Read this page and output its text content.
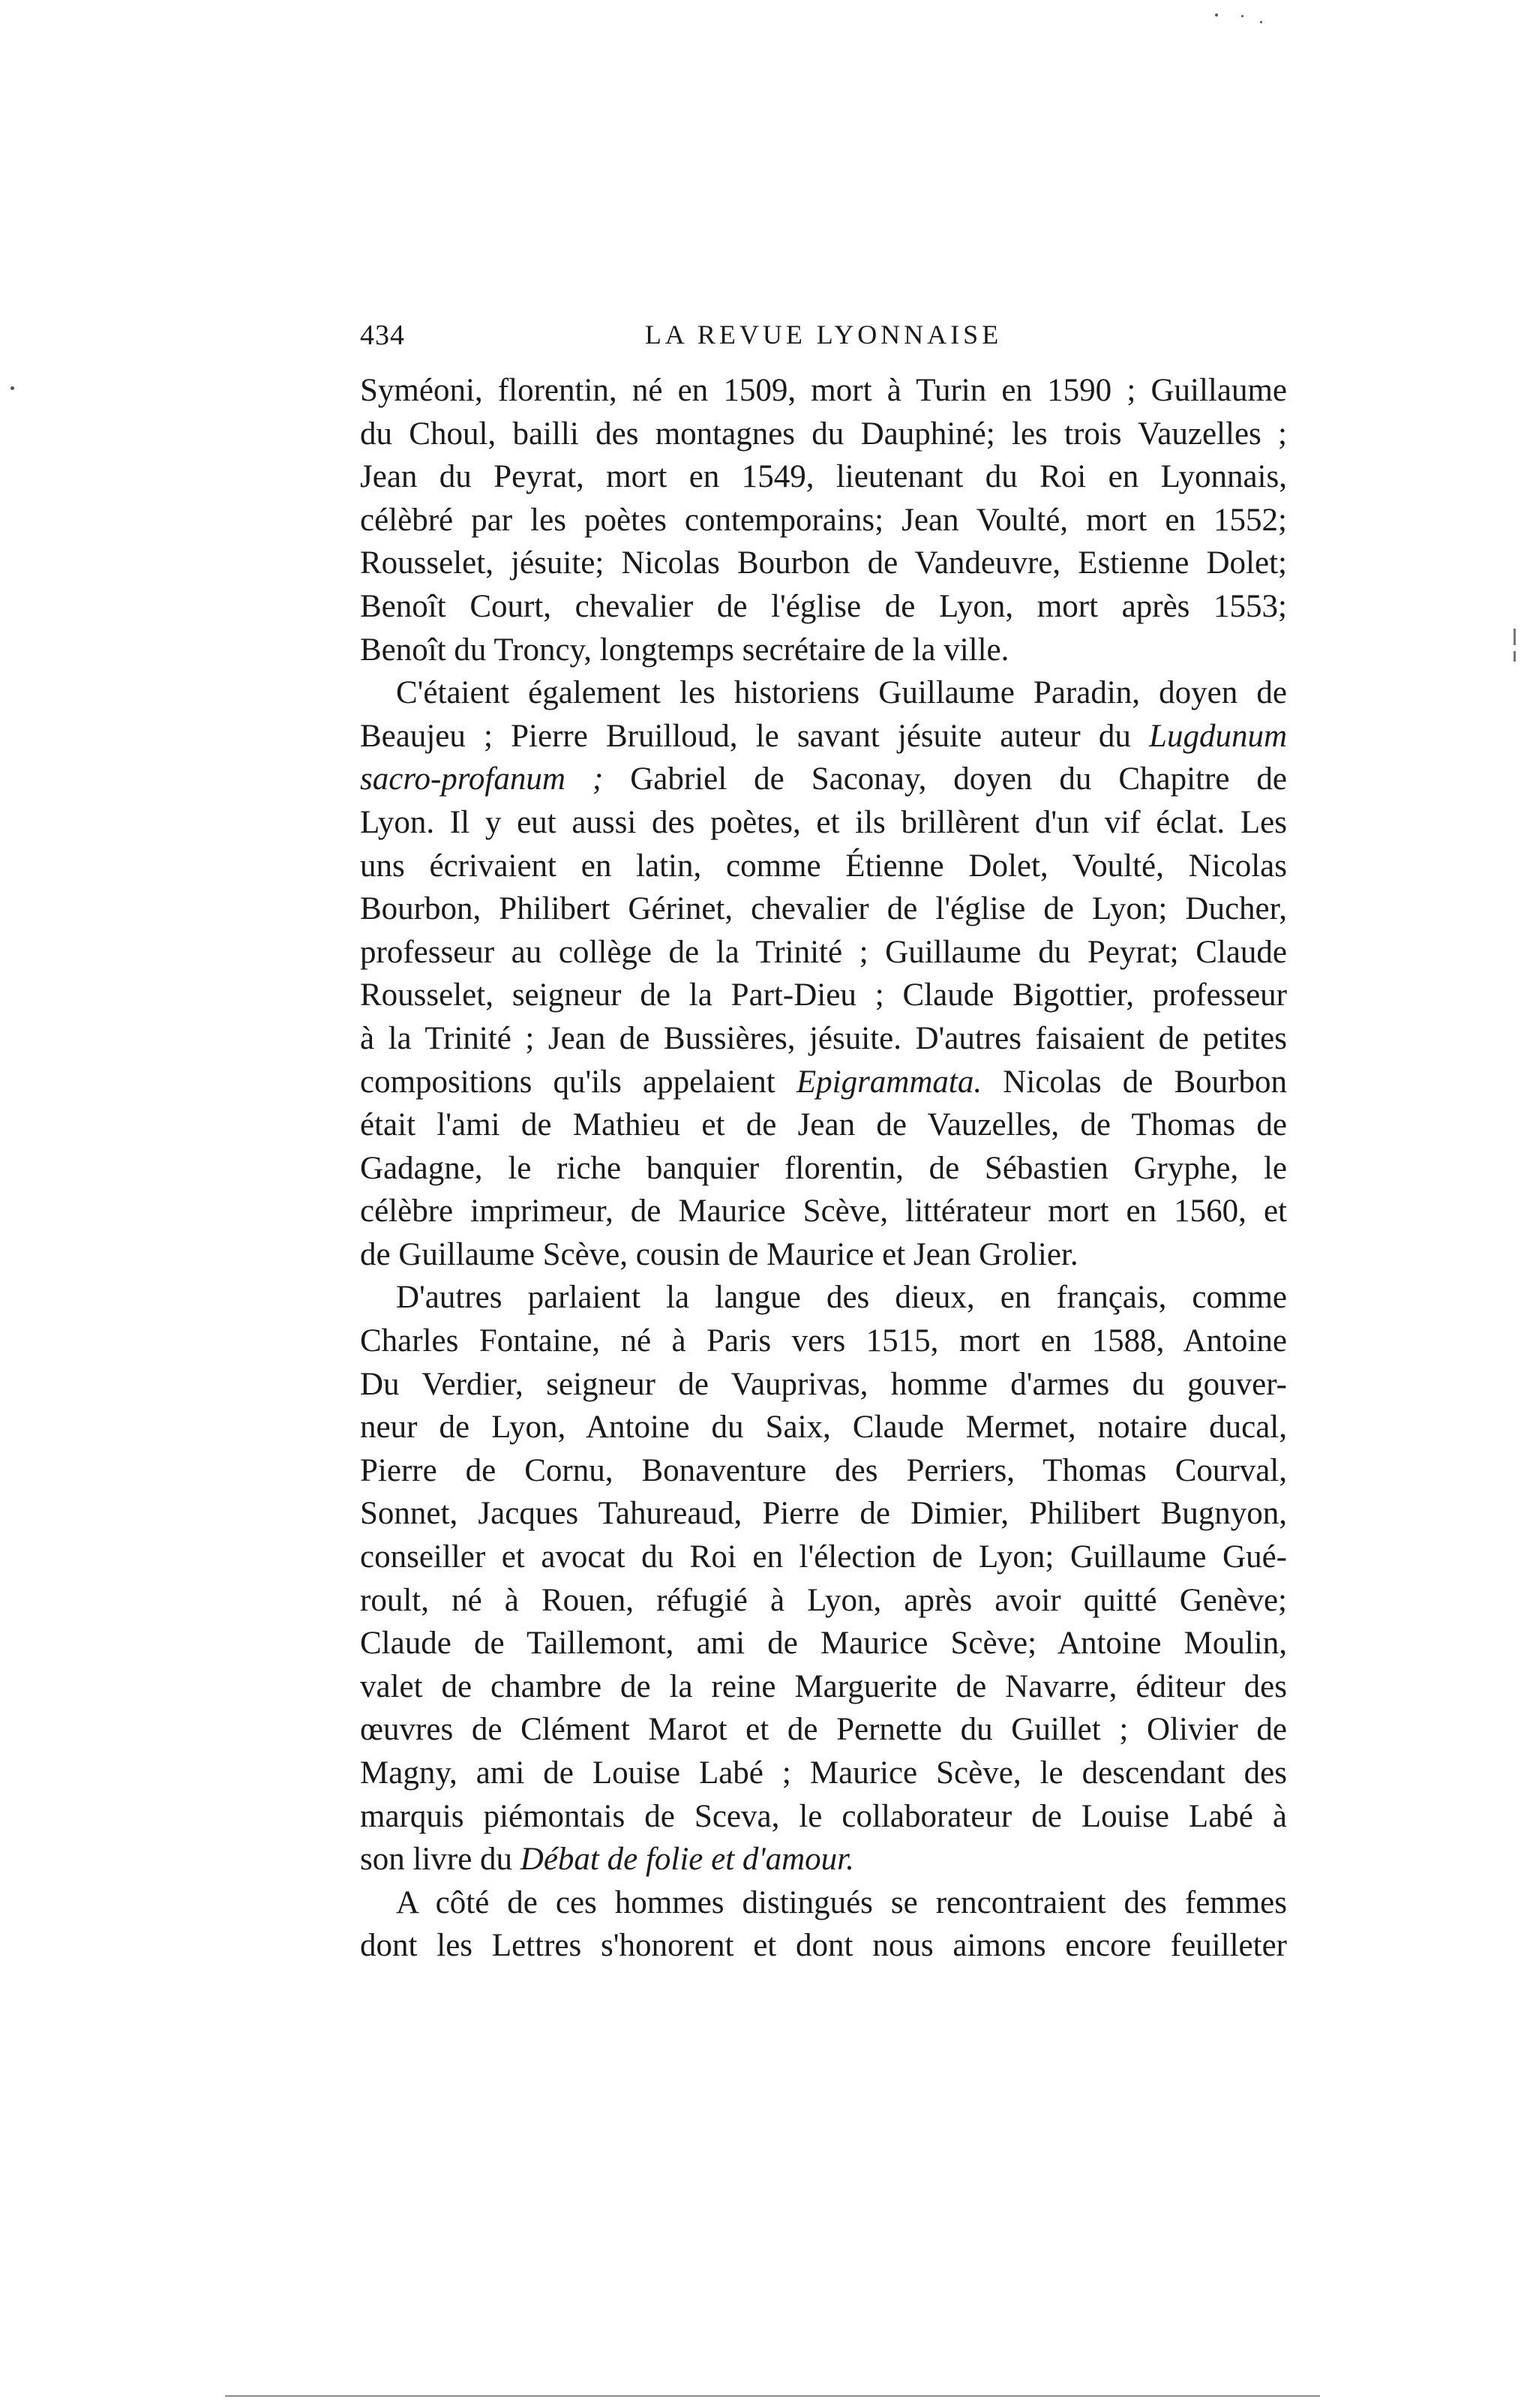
434	LA REVUE LYONNAISE
Syméoni, florentin, né en 1509, mort à Turin en 1590 ; Guillaume
du Choul, bailli des montagnes du Dauphiné; les trois Vauzelles ;
Jean du Peyrat, mort en 1549, lieutenant du Roi en Lyonnais,
célèbré par les poètes contemporains; Jean Voulté, mort en 1552;
Rousselet, jésuite; Nicolas Bourbon de Vandeuvre, Estienne Dolet;
Benoît Court, chevalier de l'église de Lyon, mort après 1553;
Benoît du Troncy, longtemps secrétaire de la ville.
C'étaient également les historiens Guillaume Paradin, doyen de
Beaujeu ; Pierre Bruilloud, le savant jésuite auteur du Lugdunum
sacro-profanum ; Gabriel de Saconay, doyen du Chapitre de
Lyon. Il y eut aussi des poètes, et ils brillèrent d'un vif éclat. Les
uns écrivaient en latin, comme Étienne Dolet, Voulté, Nicolas
Bourbon, Philibert Gérinet, chevalier de l'église de Lyon; Ducher,
professeur au collège de la Trinité ; Guillaume du Peyrat; Claude
Rousselet, seigneur de la Part-Dieu ; Claude Bigottier, professeur
à la Trinité ; Jean de Bussières, jésuite. D'autres faisaient de petites
compositions qu'ils appelaient Epigrammata. Nicolas de Bourbon
était l'ami de Mathieu et de Jean de Vauzelles, de Thomas de
Gadagne, le riche banquier florentin, de Sébastien Gryphe, le
célèbre imprimeur, de Maurice Scève, littérateur mort en 1560, et
de Guillaume Scève, cousin de Maurice et Jean Grolier.
D'autres parlaient la langue des dieux, en français, comme
Charles Fontaine, né à Paris vers 1515, mort en 1588, Antoine
Du Verdier, seigneur de Vauprivas, homme d'armes du gouver-
neur de Lyon, Antoine du Saix, Claude Mermet, notaire ducal,
Pierre de Cornu, Bonaventure des Perriers, Thomas Courval,
Sonnet, Jacques Tahureaud, Pierre de Dimier, Philibert Bugnyon,
conseiller et avocat du Roi en l'élection de Lyon; Guillaume Gué-
roult, né à Rouen, réfugié à Lyon, après avoir quitté Genève;
Claude de Taillemont, ami de Maurice Scève; Antoine Moulin,
valet de chambre de la reine Marguerite de Navarre, éditeur des
œuvres de Clément Marot et de Pernette du Guillet ; Olivier de
Magny, ami de Louise Labé ; Maurice Scève, le descendant des
marquis piémontais de Sceva, le collaborateur de Louise Labé à
son livre du Débat de folie et d'amour.
A côté de ces hommes distingués se rencontraient des femmes
dont les Lettres s'honorent et dont nous aimons encore feuilleter
